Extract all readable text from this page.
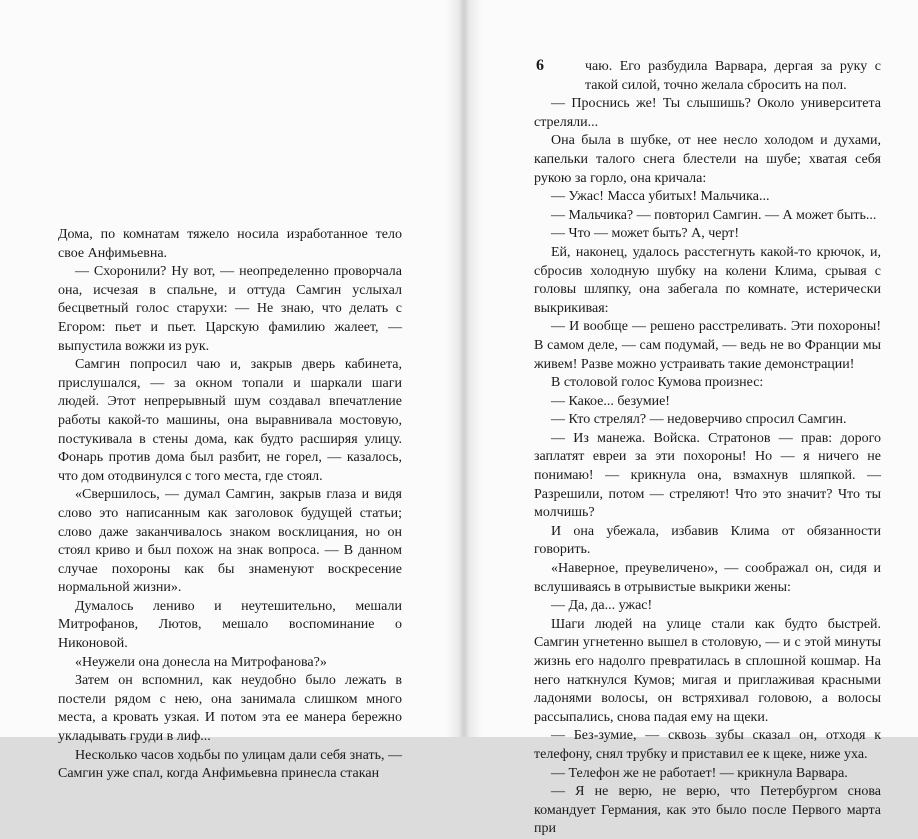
Дома, по комнатам тяжело носила изработанное тело свое Анфимьевна.

— Схоронили? Ну вот, — неопределенно проворчала она, исчезая в спальне, и оттуда Самгин услыхал бесцветный голос старухи: — Не знаю, что делать с Егором: пьет и пьет. Царскую фамилию жалеет, — выпустила вожжи из рук.

Самгин попросил чаю и, закрыв дверь кабинета, прислушался, — за окном топали и шаркали шаги людей. Этот непрерывный шум создавал впечатление работы какой-то машины, она выравнивала мостовую, постукивала в стены дома, как будто расширяя улицу. Фонарь против дома был разбит, не горел, — казалось, что дом отодвинулся с того места, где стоял.

«Свершилось, — думал Самгин, закрыв глаза и видя слово это написанным как заголовок будущей статьи; слово даже заканчивалось знаком восклицания, но он стоял криво и был похож на знак вопроса. — В данном случае похороны как бы знаменуют воскресение нормальной жизни».

Думалось лениво и неутешительно, мешали Митрофанов, Лютов, мешало воспоминание о Никоновой.

«Неужели она донесла на Митрофанова?»

Затем он вспомнил, как неудобно было лежать в постели рядом с нею, она занимала слишком много места, а кровать узкая. И потом эта ее манера бережно укладывать груди в лиф...

Несколько часов ходьбы по улицам дали себя знать, — Самгин уже спал, когда Анфимьевна принесла стакан

6	чаю. Его разбудила Варвара, дергая за руку с такой силой, точно желала сбросить на пол.

— Проснись же! Ты слышишь? Около университета стреляли...

Она была в шубке, от нее несло холодом и духами, капельки талого снега блестели на шубе; хватая себя рукою за горло, она кричала:

— Ужас! Масса убитых! Мальчика...

— Мальчика? — повторил Самгин. — А может быть...

— Что — может быть? А, черт!

Ей, наконец, удалось расстегнуть какой-то крючок, и, сбросив холодную шубку на колени Клима, срывая с головы шляпку, она забегала по комнате, истерически выкрикивая:

— И вообще — решено расстреливать. Эти похороны! В самом деле, — сам подумай, — ведь не во Франции мы живем! Разве можно устраивать такие демонстрации!

В столовой голос Кумова произнес:

— Какое... безумие!

— Кто стрелял? — недоверчиво спросил Самгин.

— Из манежа. Войска. Стратонов — прав: дорого заплатят евреи за эти похороны! Но — я ничего не понимаю! — крикнула она, взмахнув шляпкой. — Разрешили, потом — стреляют! Что это значит? Что ты молчишь?

И она убежала, избавив Клима от обязанности говорить.

«Наверное, преувеличено», — соображал он, сидя и вслушиваясь в отрывистые выкрики жены:

— Да, да... ужас!

Шаги людей на улице стали как будто быстрей. Самгин угнетенно вышел в столовую, — и с этой минуты жизнь его надолго превратилась в сплошной кошмар. На него наткнулся Кумов; мигая и приглаживая красными ладонями волосы, он встряхивал головою, а волосы рассыпались, снова падая ему на щеки.

— Без-зумие, — сквозь зубы сказал он, отходя к телефону, снял трубку и приставил ее к щеке, ниже уха.

— Телефон же не работает! — крикнула Варвара.

— Я не верю, не верю, что Петербургом снова командует Германия, как это было после Первого марта при
